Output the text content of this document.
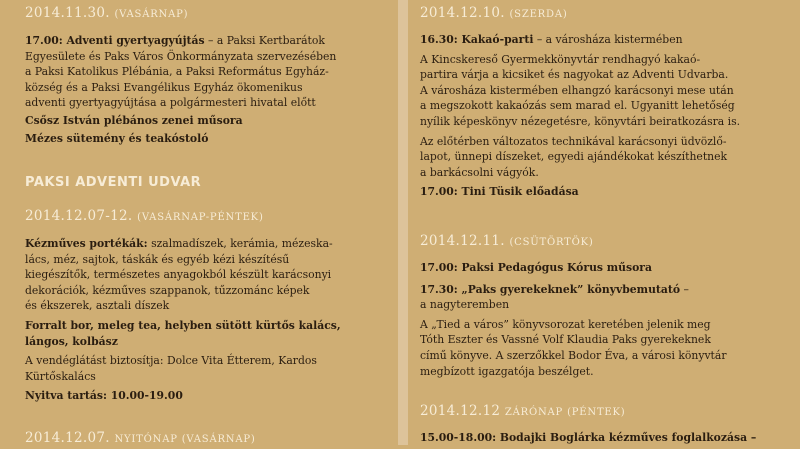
2014.11.30. (VASÁRNAP)

17.00: Adventi gyertyagyújtás – a Paksi Kertbarátok

Egyesülete és Paks Város Önkormányzata szervezésében

a Paksi Katolikus Plébánia, a Paksi Református Egyház-

község és a Paksi Evangélikus Egyház ökomenikus

adventi gyertyagyújtása a polgármesteri hivatal előtt

Csősz István plébános zenei műsora

Mézes sütemény és teakóstoló

PAKSI ADVENTI UDVAR
2014.12.07-12. (VASÁRNAP-PÉNTEK)

Kézműves portékák: szalmadíszek, kerámia, mézeska-

lács, méz, sajtok, táskák és egyéb kézi készítésű

kiegészítők, természetes anyagokból készült karácsonyi

dekorációk, kézműves szappanok, tűzzománc képek

és ékszerek, asztali díszek

Forralt bor, meleg tea, helyben sütött kürtős kalács,

lángos, kolbász

A vendéglátást biztosítja: Dolce Vita Étterem, Kardos

Kürtőskalács

Nyitva tartás: 10.00-19.00

2014.12.07. NYITÓNAP (VASÁRNAP)
2014.12.10. (SZERDA)

16.30: Kakaó-parti – a városháza kistermében

A Kincskereső Gyermekkönyvtár rendhagyó kakaó-

partira várja a kicsiket és nagyokat az Adventi Udvarba.

A városháza kistermében elhangzó karácsonyi mese után

a megszokott kakaózás sem marad el. Ugyanitt lehetőség

nyílik képeskönyv nézegetésre, könyvtári beiratkozásra is.

Az előtérben változatos technikával karácsonyi üdvözlő-

lapot, ünnepi díszeket, egyedi ajándékokat készíthetnek

a barkácsolni vágyók.

17.00: Tini Tüsik előadása

2014.12.11. (CSÜTÖRTÖK)

17.00: Paksi Pedagógus Kórus műsora

17.30: „Paks gyerekeknek” könyvbemutató –

a nagyteremben

A „Tied a város” könyvsorozat keretében jelenik meg

Tóth Eszter és Vassné Volf Klaudia Paks gyerekeknek

című könyve. A szerzőkkel Bodor Éva, a városi könyvtár

megbízott igazgatója beszélget.

2014.12.12 ZÁRÓNAP (PÉNTEK)

15.00-18.00: Bodajki Boglárka kézműves foglalkozása –
